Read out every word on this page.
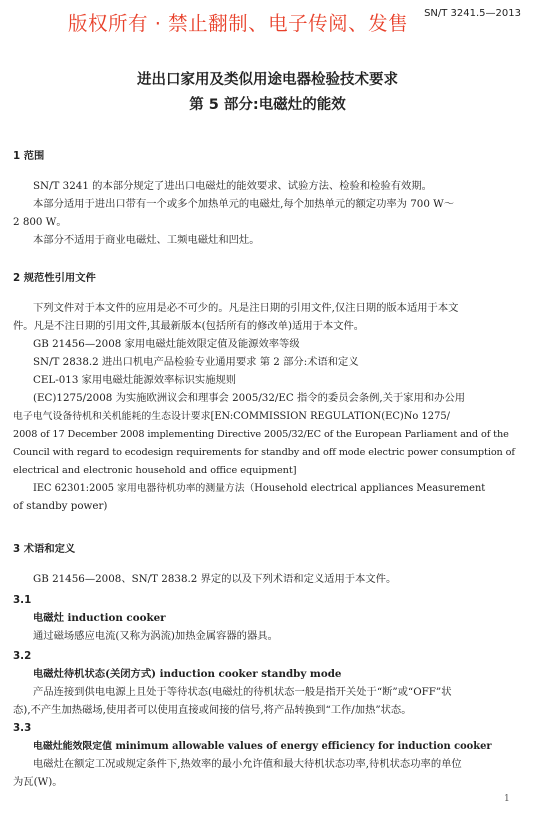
版权所有 · 禁止翻制、电子传阅、发售 SN/T 3241.5—2013
进出口家用及类似用途电器检验技术要求
第 5 部分:电磁灶的能效
1 范围
SN/T 3241 的本部分规定了进出口电磁灶的能效要求、试验方法、检验和检验有效期。
本部分适用于进出口带有一个或多个加热单元的电磁灶,每个加热单元的额定功率为 700 W～
2 800 W。
本部分不适用于商业电磁灶、工频电磁灶和凹灶。
2 规范性引用文件
下列文件对于本文件的应用是必不可少的。凡是注日期的引用文件,仅注日期的版本适用于本文
件。凡是不注日期的引用文件,其最新版本(包括所有的修改单)适用于本文件。
GB 21456—2008 家用电磁灶能效限定值及能源效率等级
SN/T 2838.2 进出口机电产品检验专业通用要求 第 2 部分:术语和定义
CEL-013 家用电磁灶能源效率标识实施规则
(EC)1275/2008 为实施欧洲议会和理事会 2005/32/EC 指令的委员会条例,关于家用和办公用
电子电气设备待机和关机能耗的生态设计要求[EN:COMMISSION REGULATION(EC)No 1275/
2008 of 17 December 2008 implementing Directive 2005/32/EC of the European Parliament and of the
Council with regard to ecodesign requirements for standby and off mode electric power consumption of
electrical and electronic household and office equipment]
IEC 62301:2005 家用电器待机功率的测量方法（Household electrical appliances Measurement
of standby power)
3 术语和定义
GB 21456—2008、SN/T 2838.2 界定的以及下列术语和定义适用于本文件。
3.1
电磁灶 induction cooker
通过磁场感应电流(又称为涡流)加热金属容器的器具。
3.2
电磁灶待机状态(关闭方式) induction cooker standby mode
产品连接到供电电源上且处于等待状态(电磁灶的待机状态一般是指开关处于“断”或“OFF”状
态),不产生加热磁场,使用者可以使用直接或间接的信号,将产品转换到“工作/加热”状态。
3.3
电磁灶能效限定值 minimum allowable values of energy efficiency for induction cooker
电磁灶在额定工况或规定条件下,热效率的最小允许值和最大待机状态功率,待机状态功率的单位
为瓦(W)。
1
